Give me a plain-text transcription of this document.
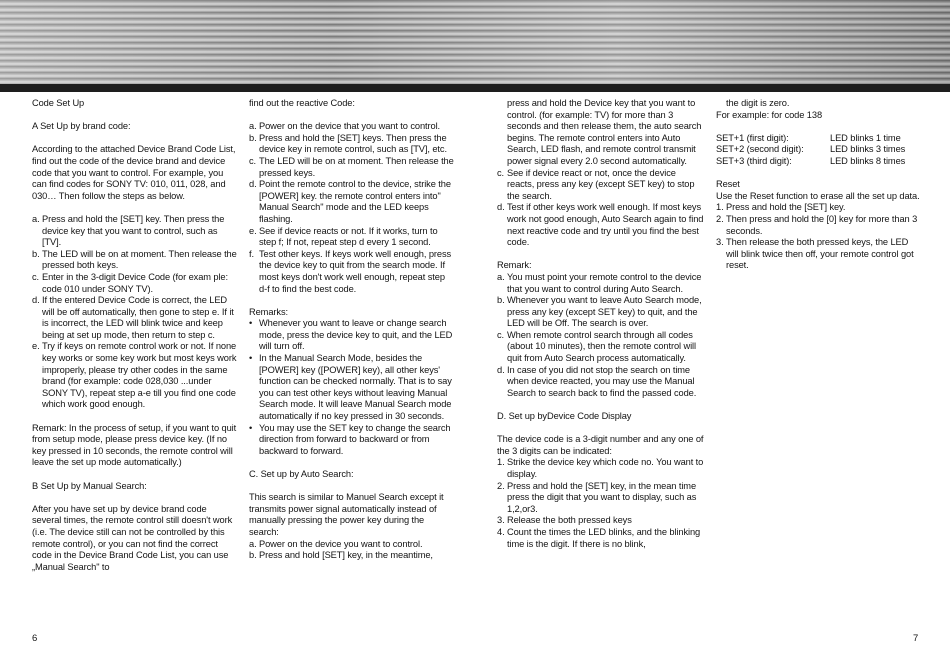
Code Set Up

A Set Up by brand code:

According to the attached Device Brand Code List, find out the code of the device brand and device code that you want to control. For example, you can find codes for SONY TV: 010, 011, 028, and 030… Then follow the steps as below.

a. Press and hold the [SET] key. Then press the device key that you want to control, such as [TV].
b. The LED will be on at moment. Then release the pressed both keys.
c. Enter in the 3-digit Device Code (for exam ple: code 010 under SONY TV).
d. If the entered Device Code is correct, the LED will be off automatically, then gone to step e. If it is incorrect, the LED will blink twice and keep being at set up mode, then return to step c.
e. Try if keys on remote control work or not. If none key works or some key work but most keys work improperly, please try other codes in the same brand (for example: code 028,030 ...under SONY TV), repeat step a-e till you find one code which work good enough.

Remark: In the process of setup, if you want to quit from setup mode, please press device key. (If no key pressed in 10 seconds, the remote control will leave the set up mode automatically.)

B Set Up by Manual Search:

After you have set up by device brand code several times, the remote control still doesn't work (i.e. The device still can not be controlled by this remote control), or you can not find the correct code in the Device Brand Code List, you can use „Manual Search" to

find out the reactive Code:

a. Power on the device that you want to control.
b. Press and hold the [SET] keys. Then press the device key in remote control, such as [TV], etc.
c. The LED will be on at moment. Then release the pressed keys.
d. Point the remote control to the device, strike the [POWER] key. the remote control enters into" Manual Search" mode and the LED keeps flashing.
e. See if device reacts or not. If it works, turn to step f; If not, repeat step d every 1 second.
f. Test other keys. If keys work well enough, press the device key to quit from the search mode. If most keys don't work well enough, repeat step d-f to find the best code.

Remarks:

• Whenever you want to leave or change search mode, press the device key to quit, and the LED will turn off.
• In the Manual Search Mode, besides the [POWER] key ([POWER] key), all other keys' function can be checked normally. That is to say you can test other keys without leaving Manual Search mode. It will leave Manual Search mode automatically if no key pressed in 30 seconds.
• You may use the SET key to change the search direction from forward to backward or from backward to forward.

C. Set up by Auto Search:

This search is similar to Manuel Search except it transmits power signal automatically instead of manually pressing the power key during the search:

a. Power on the device you want to control.
b. Press and hold [SET] key, in the meantime,

press and hold the Device key that you want to control. (for example: TV) for more than 3 seconds and then release them, the auto search begins. The remote control enters into Auto Search, LED flash, and remote control transmit power signal every 2.0 second automatically.

c. See if device react or not, once the device reacts, press any key (except SET key) to stop the search.
d. Test if other keys work well enough. If most keys work not good enough, Auto Search again to find next reactive code and try until you find the best code.

Remark:

a. You must point your remote control to the device that you want to control during Auto Search.
b. Whenever you want to leave Auto Search mode, press any key (except SET key) to quit, and the LED will be Off. The search is over.
c. When remote control search through all codes (about 10 minutes), then the remote control will quit from Auto Search process automatically.
d. In case of you did not stop the search on time when device reacted, you may use the Manual Search to search back to find the passed code.

D. Set up byDevice Code Display

The device code is a 3-digit number and any one of the 3 digits can be indicated:

1. Strike the device key which code no. You want to display.
2. Press and hold the [SET] key, in the mean time press the digit that you want to display, such as 1,2,or3.
3. Release the both pressed keys
4. Count the times the LED blinks, and the blinking time is the digit. If there is no blink,

the digit is zero.

For example: for code 138

SET+1 (first digit):	LED blinks 1 time
SET+2 (second digit):	LED blinks 3 times
SET+3 (third digit):	LED blinks 8 times

Reset

Use the Reset function to erase all the set up data.

1. Press and hold the [SET] key.
2. Then press and hold the [0] key for more than 3 seconds.
3. Then release the both pressed keys, the LED will blink twice then off, your remote control got reset.
6	7
